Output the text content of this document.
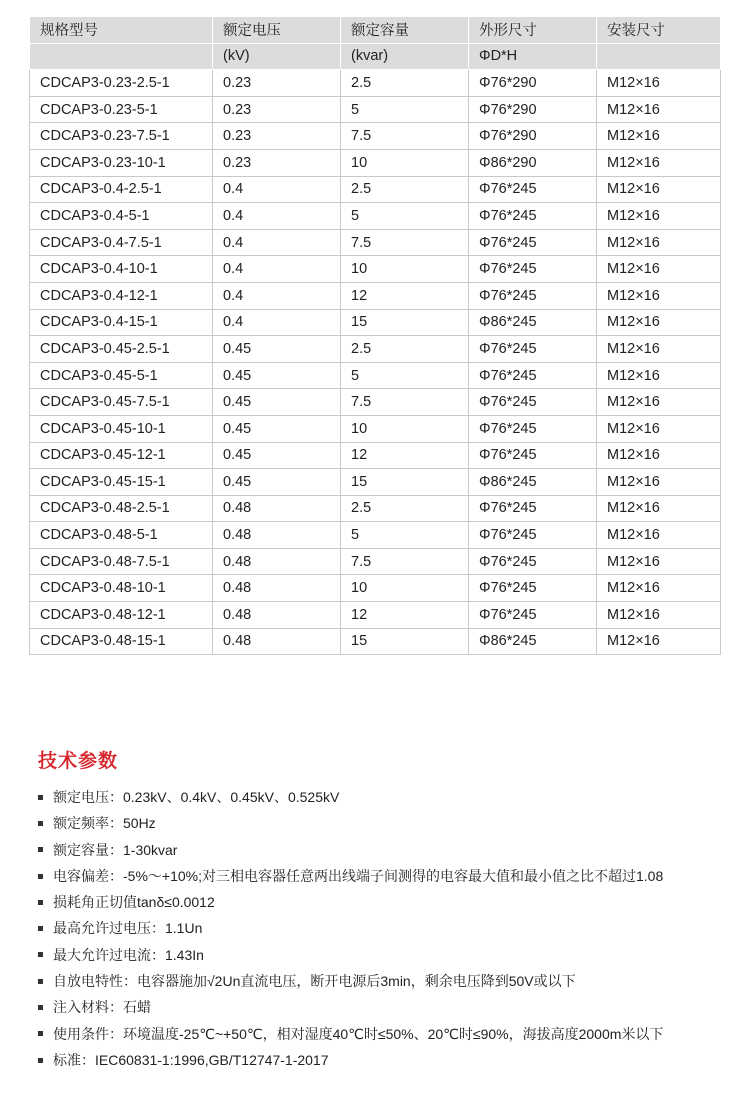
规格型号	额定电压	额定容量	外形尺寸	安装尺寸
	(kV)	(kvar)	ΦD*H	
CDCAP3-0.23-2.5-1	0.23	2.5	Φ76*290	M12×16
CDCAP3-0.23-5-1	0.23	5	Φ76*290	M12×16
CDCAP3-0.23-7.5-1	0.23	7.5	Φ76*290	M12×16
CDCAP3-0.23-10-1	0.23	10	Φ86*290	M12×16
CDCAP3-0.4-2.5-1	0.4	2.5	Φ76*245	M12×16
CDCAP3-0.4-5-1	0.4	5	Φ76*245	M12×16
CDCAP3-0.4-7.5-1	0.4	7.5	Φ76*245	M12×16
CDCAP3-0.4-10-1	0.4	10	Φ76*245	M12×16
CDCAP3-0.4-12-1	0.4	12	Φ76*245	M12×16
CDCAP3-0.4-15-1	0.4	15	Φ86*245	M12×16
CDCAP3-0.45-2.5-1	0.45	2.5	Φ76*245	M12×16
CDCAP3-0.45-5-1	0.45	5	Φ76*245	M12×16
CDCAP3-0.45-7.5-1	0.45	7.5	Φ76*245	M12×16
CDCAP3-0.45-10-1	0.45	10	Φ76*245	M12×16
CDCAP3-0.45-12-1	0.45	12	Φ76*245	M12×16
CDCAP3-0.45-15-1	0.45	15	Φ86*245	M12×16
CDCAP3-0.48-2.5-1	0.48	2.5	Φ76*245	M12×16
CDCAP3-0.48-5-1	0.48	5	Φ76*245	M12×16
CDCAP3-0.48-7.5-1	0.48	7.5	Φ76*245	M12×16
CDCAP3-0.48-10-1	0.48	10	Φ76*245	M12×16
CDCAP3-0.48-12-1	0.48	12	Φ76*245	M12×16
CDCAP3-0.48-15-1	0.48	15	Φ86*245	M12×16
技术参数
额定电压：0.23kV、0.4kV、0.45kV、0.525kV
额定频率：50Hz
额定容量：1-30kvar
电容偏差：-5%～+10%;对三相电容器任意两出线端子间测得的电容最大值和最小值之比不超过1.08
损耗角正切值tanδ≤0.0012
最高允许过电压：1.1Un
最大允许过电流：1.43In
自放电特性：电容器施加√2Un直流电压，断开电源后3min，剩余电压降到50V或以下
注入材料：石蜡
使用条件：环境温度-25℃~+50℃，相对湿度40℃时≤50%、20℃时≤90%，海拔高度2000m米以下
标准：IEC60831-1:1996,GB/T12747-1-2017
